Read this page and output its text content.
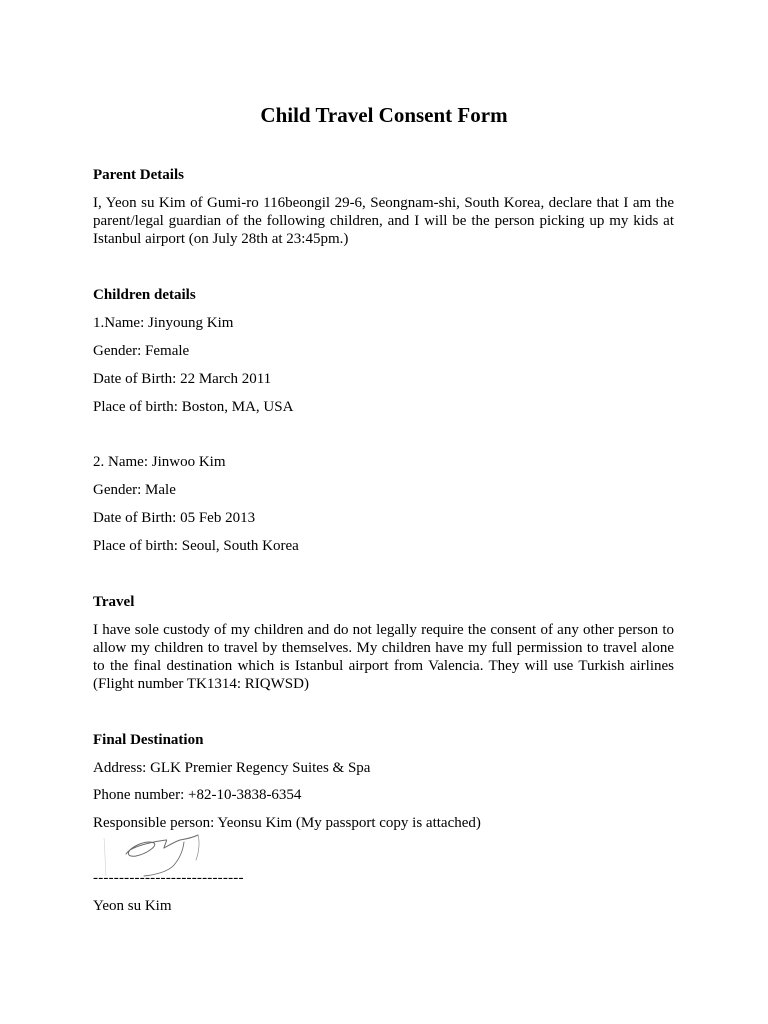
Child Travel Consent Form
Parent Details
I, Yeon su Kim of Gumi-ro 116beongil 29-6, Seongnam-shi, South Korea, declare that I am the parent/legal guardian of the following children, and I will be the person picking up my kids at Istanbul airport (on July 28th at 23:45pm.)
Children details
1.Name: Jinyoung Kim
Gender: Female
Date of Birth: 22 March 2011
Place of birth: Boston, MA, USA
2. Name: Jinwoo Kim
Gender: Male
Date of Birth: 05 Feb 2013
Place of birth: Seoul, South Korea
Travel
I have sole custody of my children and do not legally require the consent of any other person to allow my children to travel by themselves. My children have my full permission to travel alone to the final destination which is Istanbul airport from Valencia. They will use Turkish airlines (Flight number TK1314: RIQWSD)
Final Destination
Address: GLK Premier Regency Suites & Spa
Phone number: +82-10-3838-6354
Responsible person: Yeonsu Kim (My passport copy is attached)
-----------------------------
Yeon su Kim
